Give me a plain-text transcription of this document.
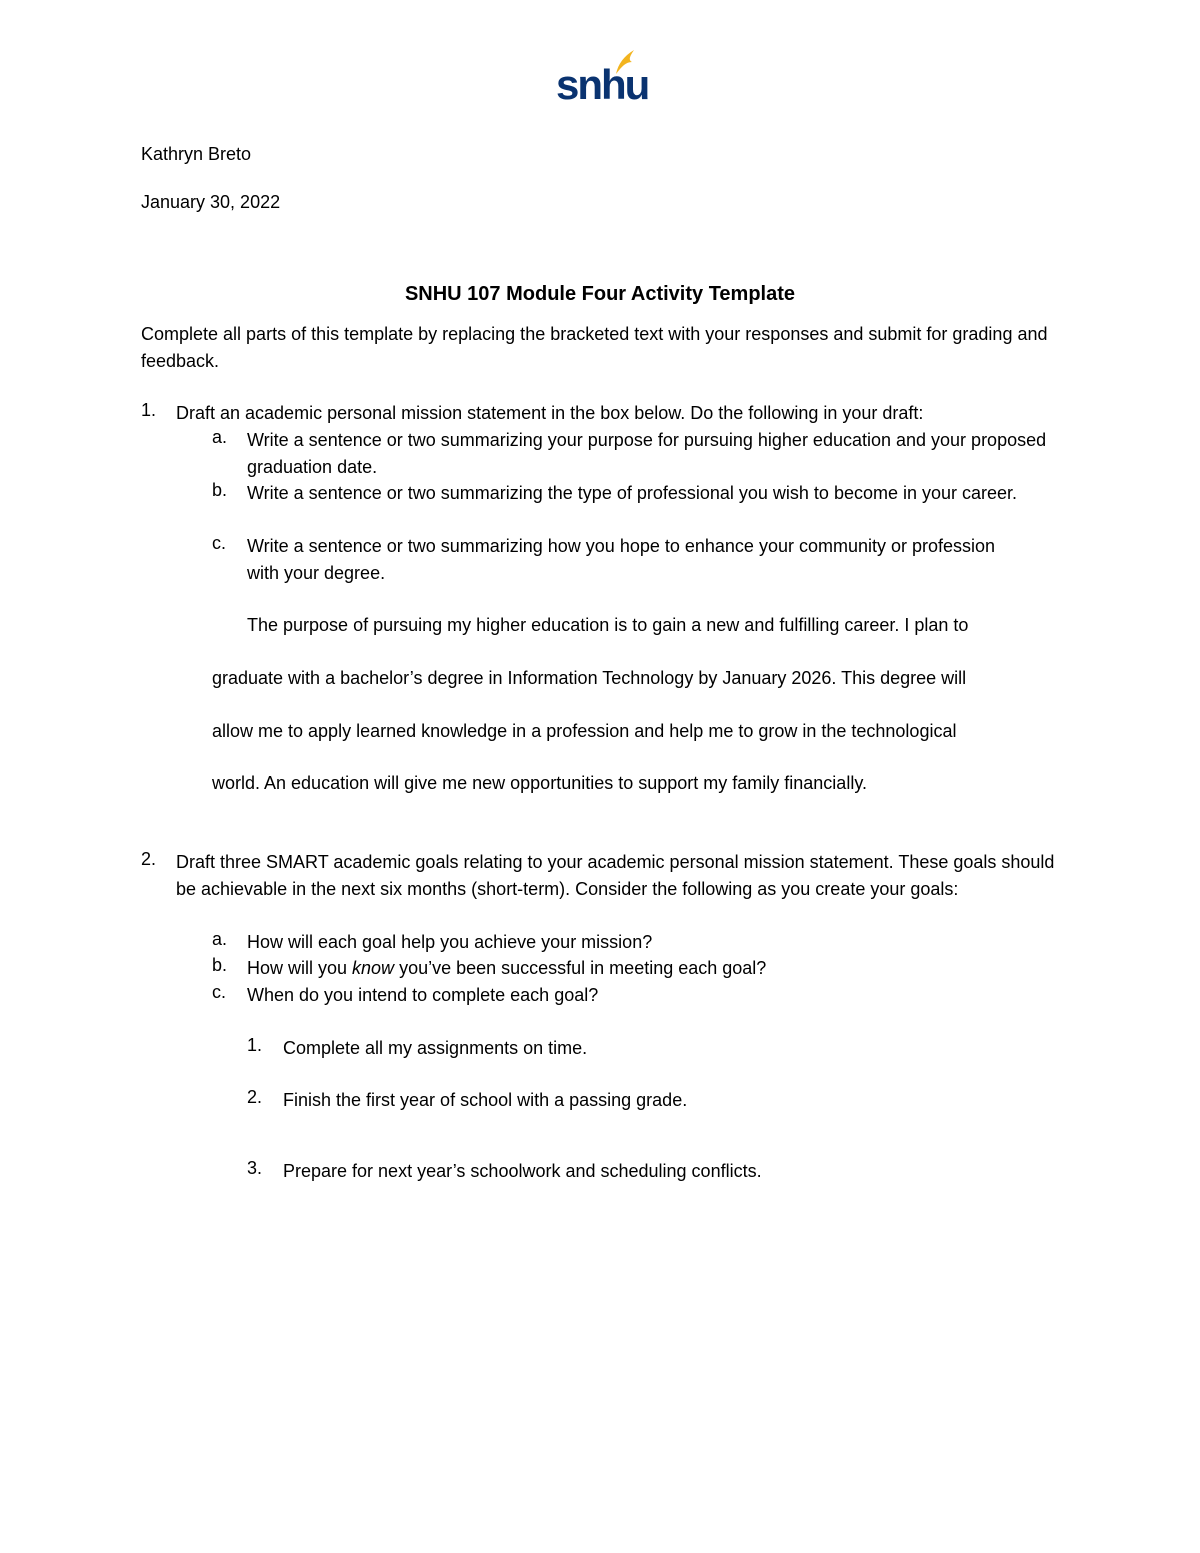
snhu

Kathryn Breto

January 30, 2022

SNHU 107 Module Four Activity Template

Complete all parts of this template by replacing the bracketed text with your responses and submit for grading and feedback.

1. Draft an academic personal mission statement in the box below. Do the following in your draft:

a. Write a sentence or two summarizing your purpose for pursuing higher education and your proposed graduation date.

b. Write a sentence or two summarizing the type of professional you wish to become in your career.

c. Write a sentence or two summarizing how you hope to enhance your community or profession with your degree.

The purpose of pursuing my higher education is to gain a new and fulfilling career. I plan to

graduate with a bachelor’s degree in Information Technology by January 2026. This degree will

allow me to apply learned knowledge in a profession and help me to grow in the technological

world. An education will give me new opportunities to support my family financially.

2. Draft three SMART academic goals relating to your academic personal mission statement. These goals should be achievable in the next six months (short-term). Consider the following as you create your goals:

a. How will each goal help you achieve your mission?

b. How will you know you’ve been successful in meeting each goal?

c. When do you intend to complete each goal?

1. Complete all my assignments on time.

2. Finish the first year of school with a passing grade.

3. Prepare for next year’s schoolwork and scheduling conflicts.
